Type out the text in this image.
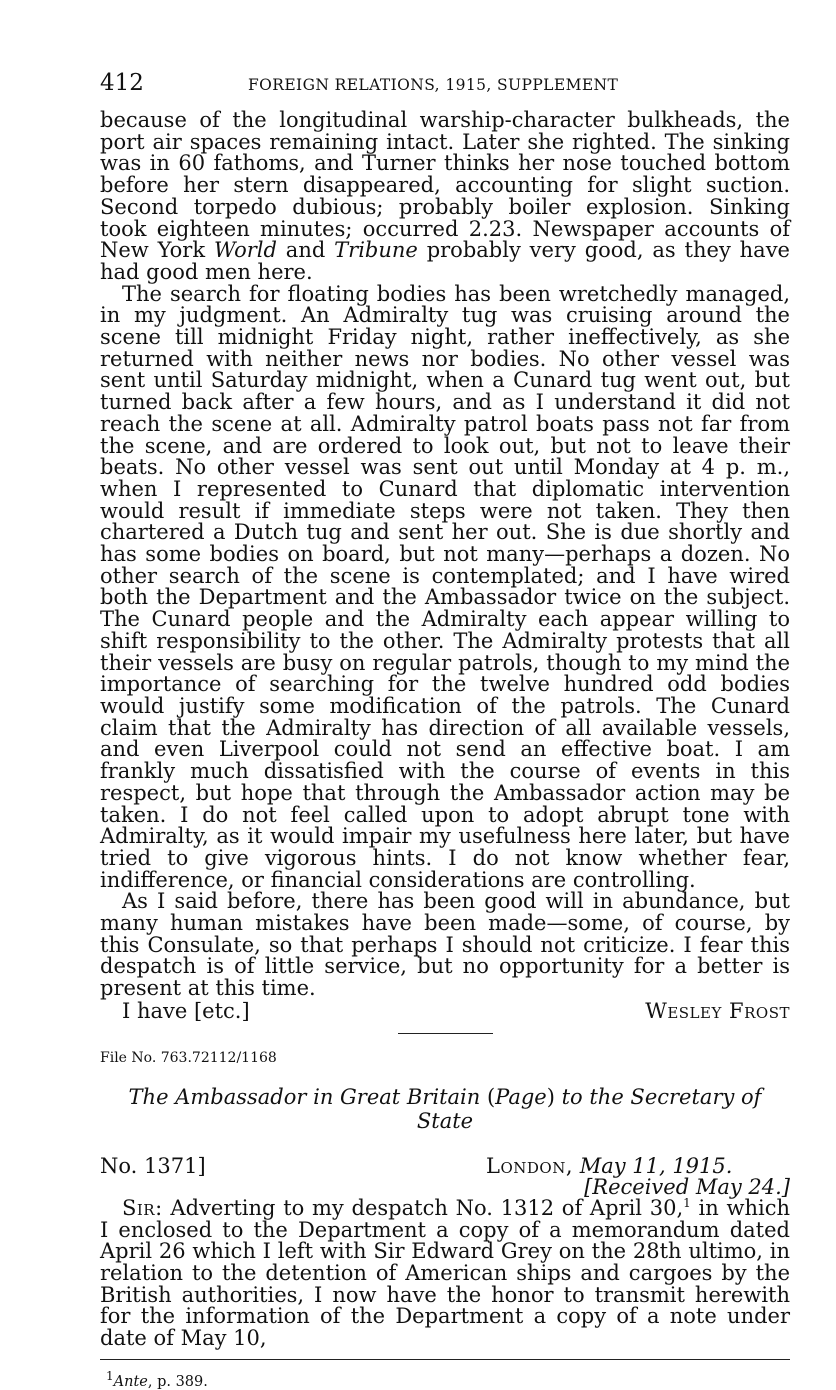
412	FOREIGN RELATIONS, 1915, SUPPLEMENT

because of the longitudinal warship-character bulkheads, the port air spaces remaining intact. Later she righted. The sinking was in 60 fathoms, and Turner thinks her nose touched bottom before her stern disappeared, accounting for slight suction. Second torpedo dubious; probably boiler explosion. Sinking took eighteen minutes; occurred 2.23. Newspaper accounts of New York World and Tribune probably very good, as they have had good men here.

The search for floating bodies has been wretchedly managed, in my judgment. An Admiralty tug was cruising around the scene till midnight Friday night, rather ineffectively, as she returned with neither news nor bodies. No other vessel was sent until Saturday midnight, when a Cunard tug went out, but turned back after a few hours, and as I understand it did not reach the scene at all. Admiralty patrol boats pass not far from the scene, and are ordered to look out, but not to leave their beats. No other vessel was sent out until Monday at 4 p. m., when I represented to Cunard that diplomatic intervention would result if immediate steps were not taken. They then chartered a Dutch tug and sent her out. She is due shortly and has some bodies on board, but not many—perhaps a dozen. No other search of the scene is contemplated; and I have wired both the Department and the Ambassador twice on the subject. The Cunard people and the Admiralty each appear willing to shift responsibility to the other. The Admiralty protests that all their vessels are busy on regular patrols, though to my mind the importance of searching for the twelve hundred odd bodies would justify some modification of the patrols. The Cunard claim that the Admiralty has direction of all available vessels, and even Liverpool could not send an effective boat. I am frankly much dissatisfied with the course of events in this respect, but hope that through the Ambassador action may be taken. I do not feel called upon to adopt abrupt tone with Admiralty, as it would impair my usefulness here later, but have tried to give vigorous hints. I do not know whether fear, indifference, or financial considerations are controlling.

As I said before, there has been good will in abundance, but many human mistakes have been made—some, of course, by this Consulate, so that perhaps I should not criticize. I fear this despatch is of little service, but no opportunity for a better is present at this time.

I have [etc.]	Wesley Frost
File No. 763.72112/1168
The Ambassador in Great Britain (Page) to the Secretary of State
No. 1371]	London, May 11, 1915.
[Received May 24.]

Sir: Adverting to my despatch No. 1312 of April 30,$^1$ in which I enclosed to the Department a copy of a memorandum dated April 26 which I left with Sir Edward Grey on the 28th ultimo, in relation to the detention of American ships and cargoes by the British authorities, I now have the honor to transmit herewith for the information of the Department a copy of a note under date of May 10,

$^1$Ante, p. 389.
